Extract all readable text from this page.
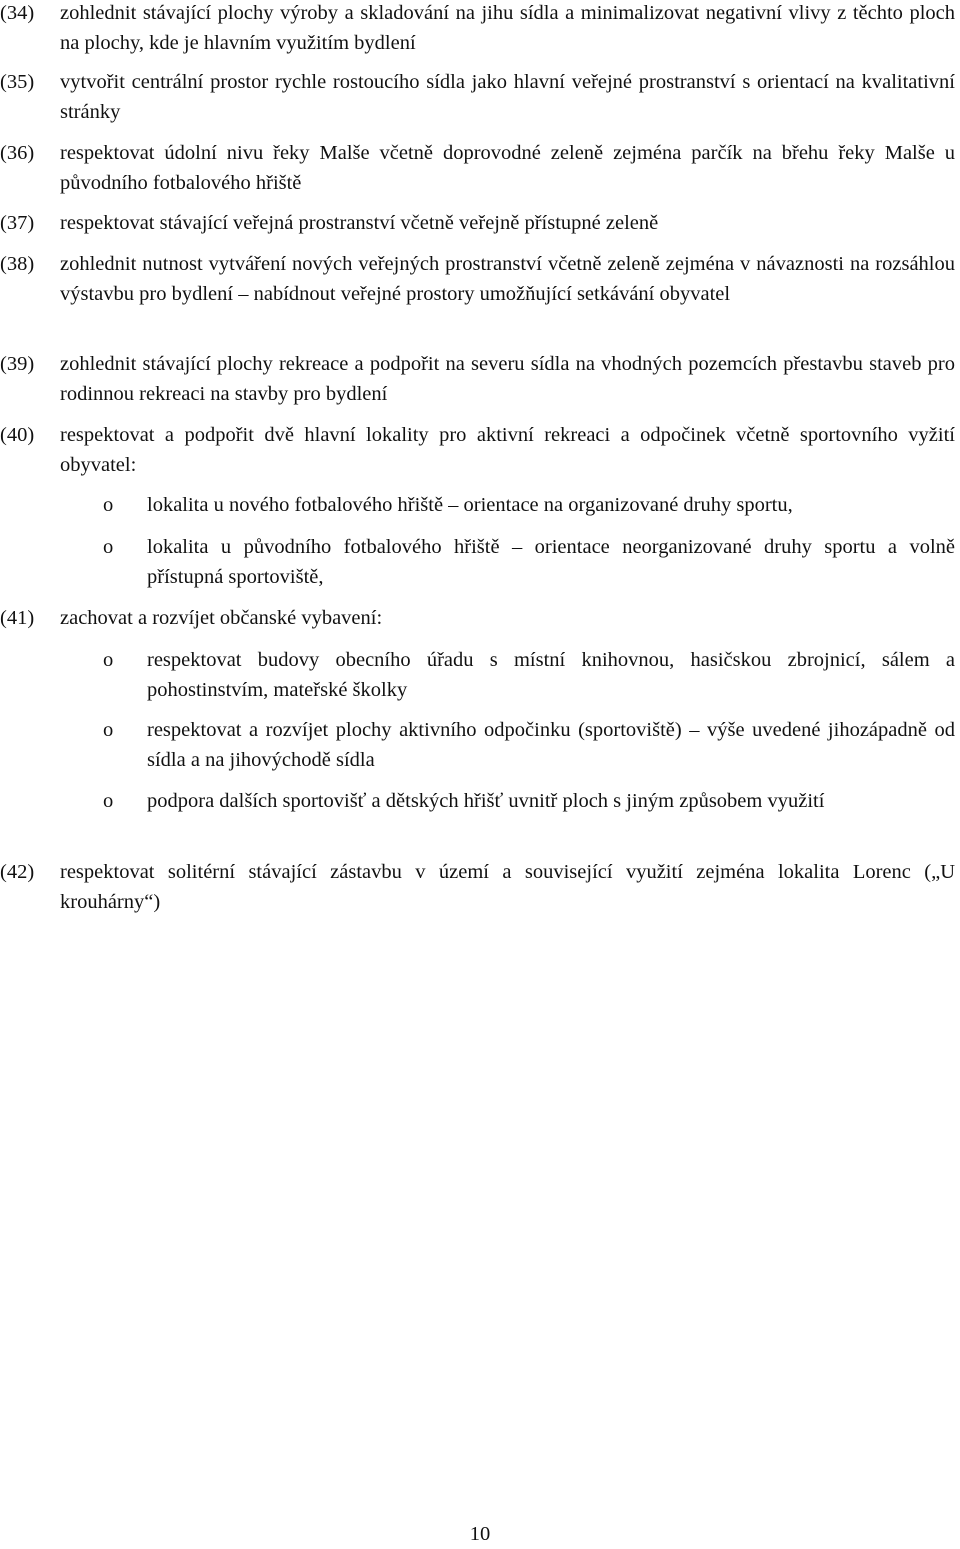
(34) zohlednit stávající plochy výroby a skladování na jihu sídla a minimalizovat negativní vlivy z těchto ploch na plochy, kde je hlavním využitím bydlení
(35) vytvořit centrální prostor rychle rostoucího sídla jako hlavní veřejné prostranství s orientací na kvalitativní stránky
(36) respektovat údolní nivu řeky Malše včetně doprovodné zeleně zejména parčík na břehu řeky Malše u původního fotbalového hřiště
(37) respektovat stávající veřejná prostranství včetně veřejně přístupné zeleně
(38) zohlednit nutnost vytváření nových veřejných prostranství včetně zeleně zejména v návaznosti na rozsáhlou výstavbu pro bydlení – nabídnout veřejné prostory umožňující setkávání obyvatel
(39) zohlednit stávající plochy rekreace a podpořit na severu sídla na vhodných pozemcích přestavbu staveb pro rodinnou rekreaci na stavby pro bydlení
(40) respektovat a podpořit dvě hlavní lokality pro aktivní rekreaci a odpočinek včetně sportovního vyžití obyvatel:
o lokalita u nového fotbalového hřiště – orientace na organizované druhy sportu,
o lokalita u původního fotbalového hřiště – orientace neorganizované druhy sportu a volně přístupná sportoviště,
(41) zachovat a rozvíjet občanské vybavení:
o respektovat budovy obecního úřadu s místní knihovnou, hasičskou zbrojnicí, sálem a pohostinstvím, mateřské školky
o respektovat a rozvíjet plochy aktivního odpočinku (sportoviště) – výše uvedené jihozápadně od sídla a na jihovýchodě sídla
o podpora dalších sportovišť a dětských hřišť uvnitř ploch s jiným způsobem využití
(42) respektovat solitérní stávající zástavbu v území a související využití zejména lokalita Lorenc („U krouhárny“)
10
